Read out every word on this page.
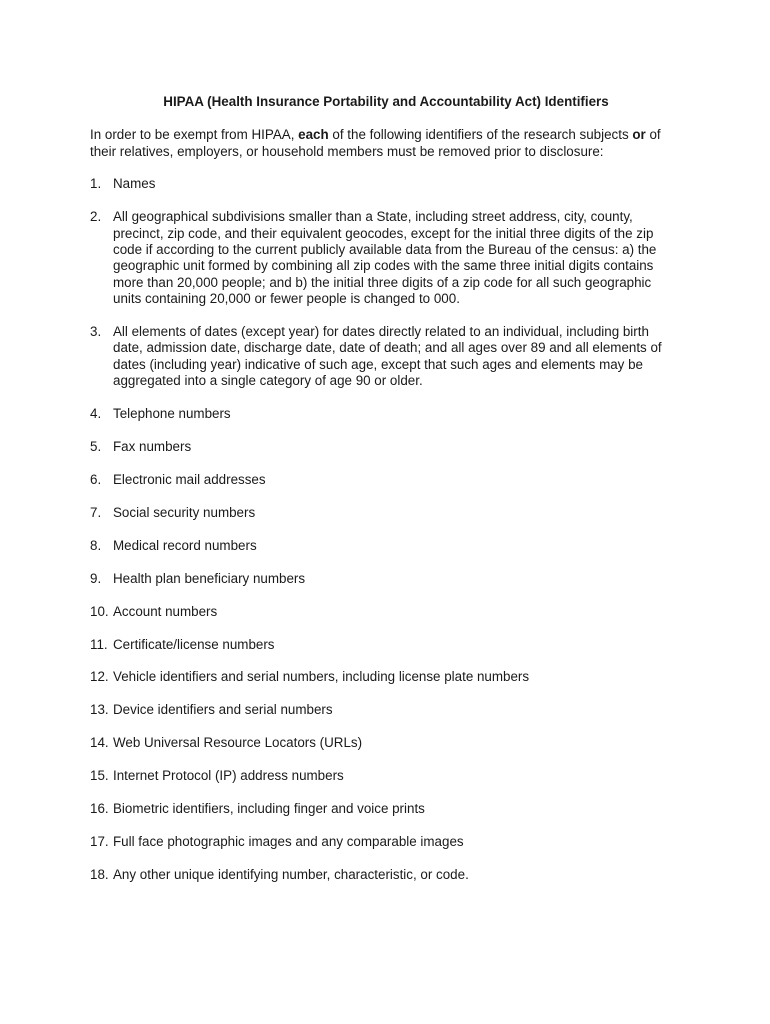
HIPAA (Health Insurance Portability and Accountability Act) Identifiers

In order to be exempt from HIPAA, each of the following identifiers of the research subjects or of their relatives, employers, or household members must be removed prior to disclosure:

1. Names
2. All geographical subdivisions smaller than a State, including street address, city, county, precinct, zip code, and their equivalent geocodes, except for the initial three digits of the zip code if according to the current publicly available data from the Bureau of the census: a) the geographic unit formed by combining all zip codes with the same three initial digits contains more than 20,000 people; and b) the initial three digits of a zip code for all such geographic units containing 20,000 or fewer people is changed to 000.
3. All elements of dates (except year) for dates directly related to an individual, including birth date, admission date, discharge date, date of death; and all ages over 89 and all elements of dates (including year) indicative of such age, except that such ages and elements may be aggregated into a single category of age 90 or older.
4. Telephone numbers
5. Fax numbers
6. Electronic mail addresses
7. Social security numbers
8. Medical record numbers
9. Health plan beneficiary numbers
10. Account numbers
11. Certificate/license numbers
12. Vehicle identifiers and serial numbers, including license plate numbers
13. Device identifiers and serial numbers
14. Web Universal Resource Locators (URLs)
15. Internet Protocol (IP) address numbers
16. Biometric identifiers, including finger and voice prints
17. Full face photographic images and any comparable images
18. Any other unique identifying number, characteristic, or code.
